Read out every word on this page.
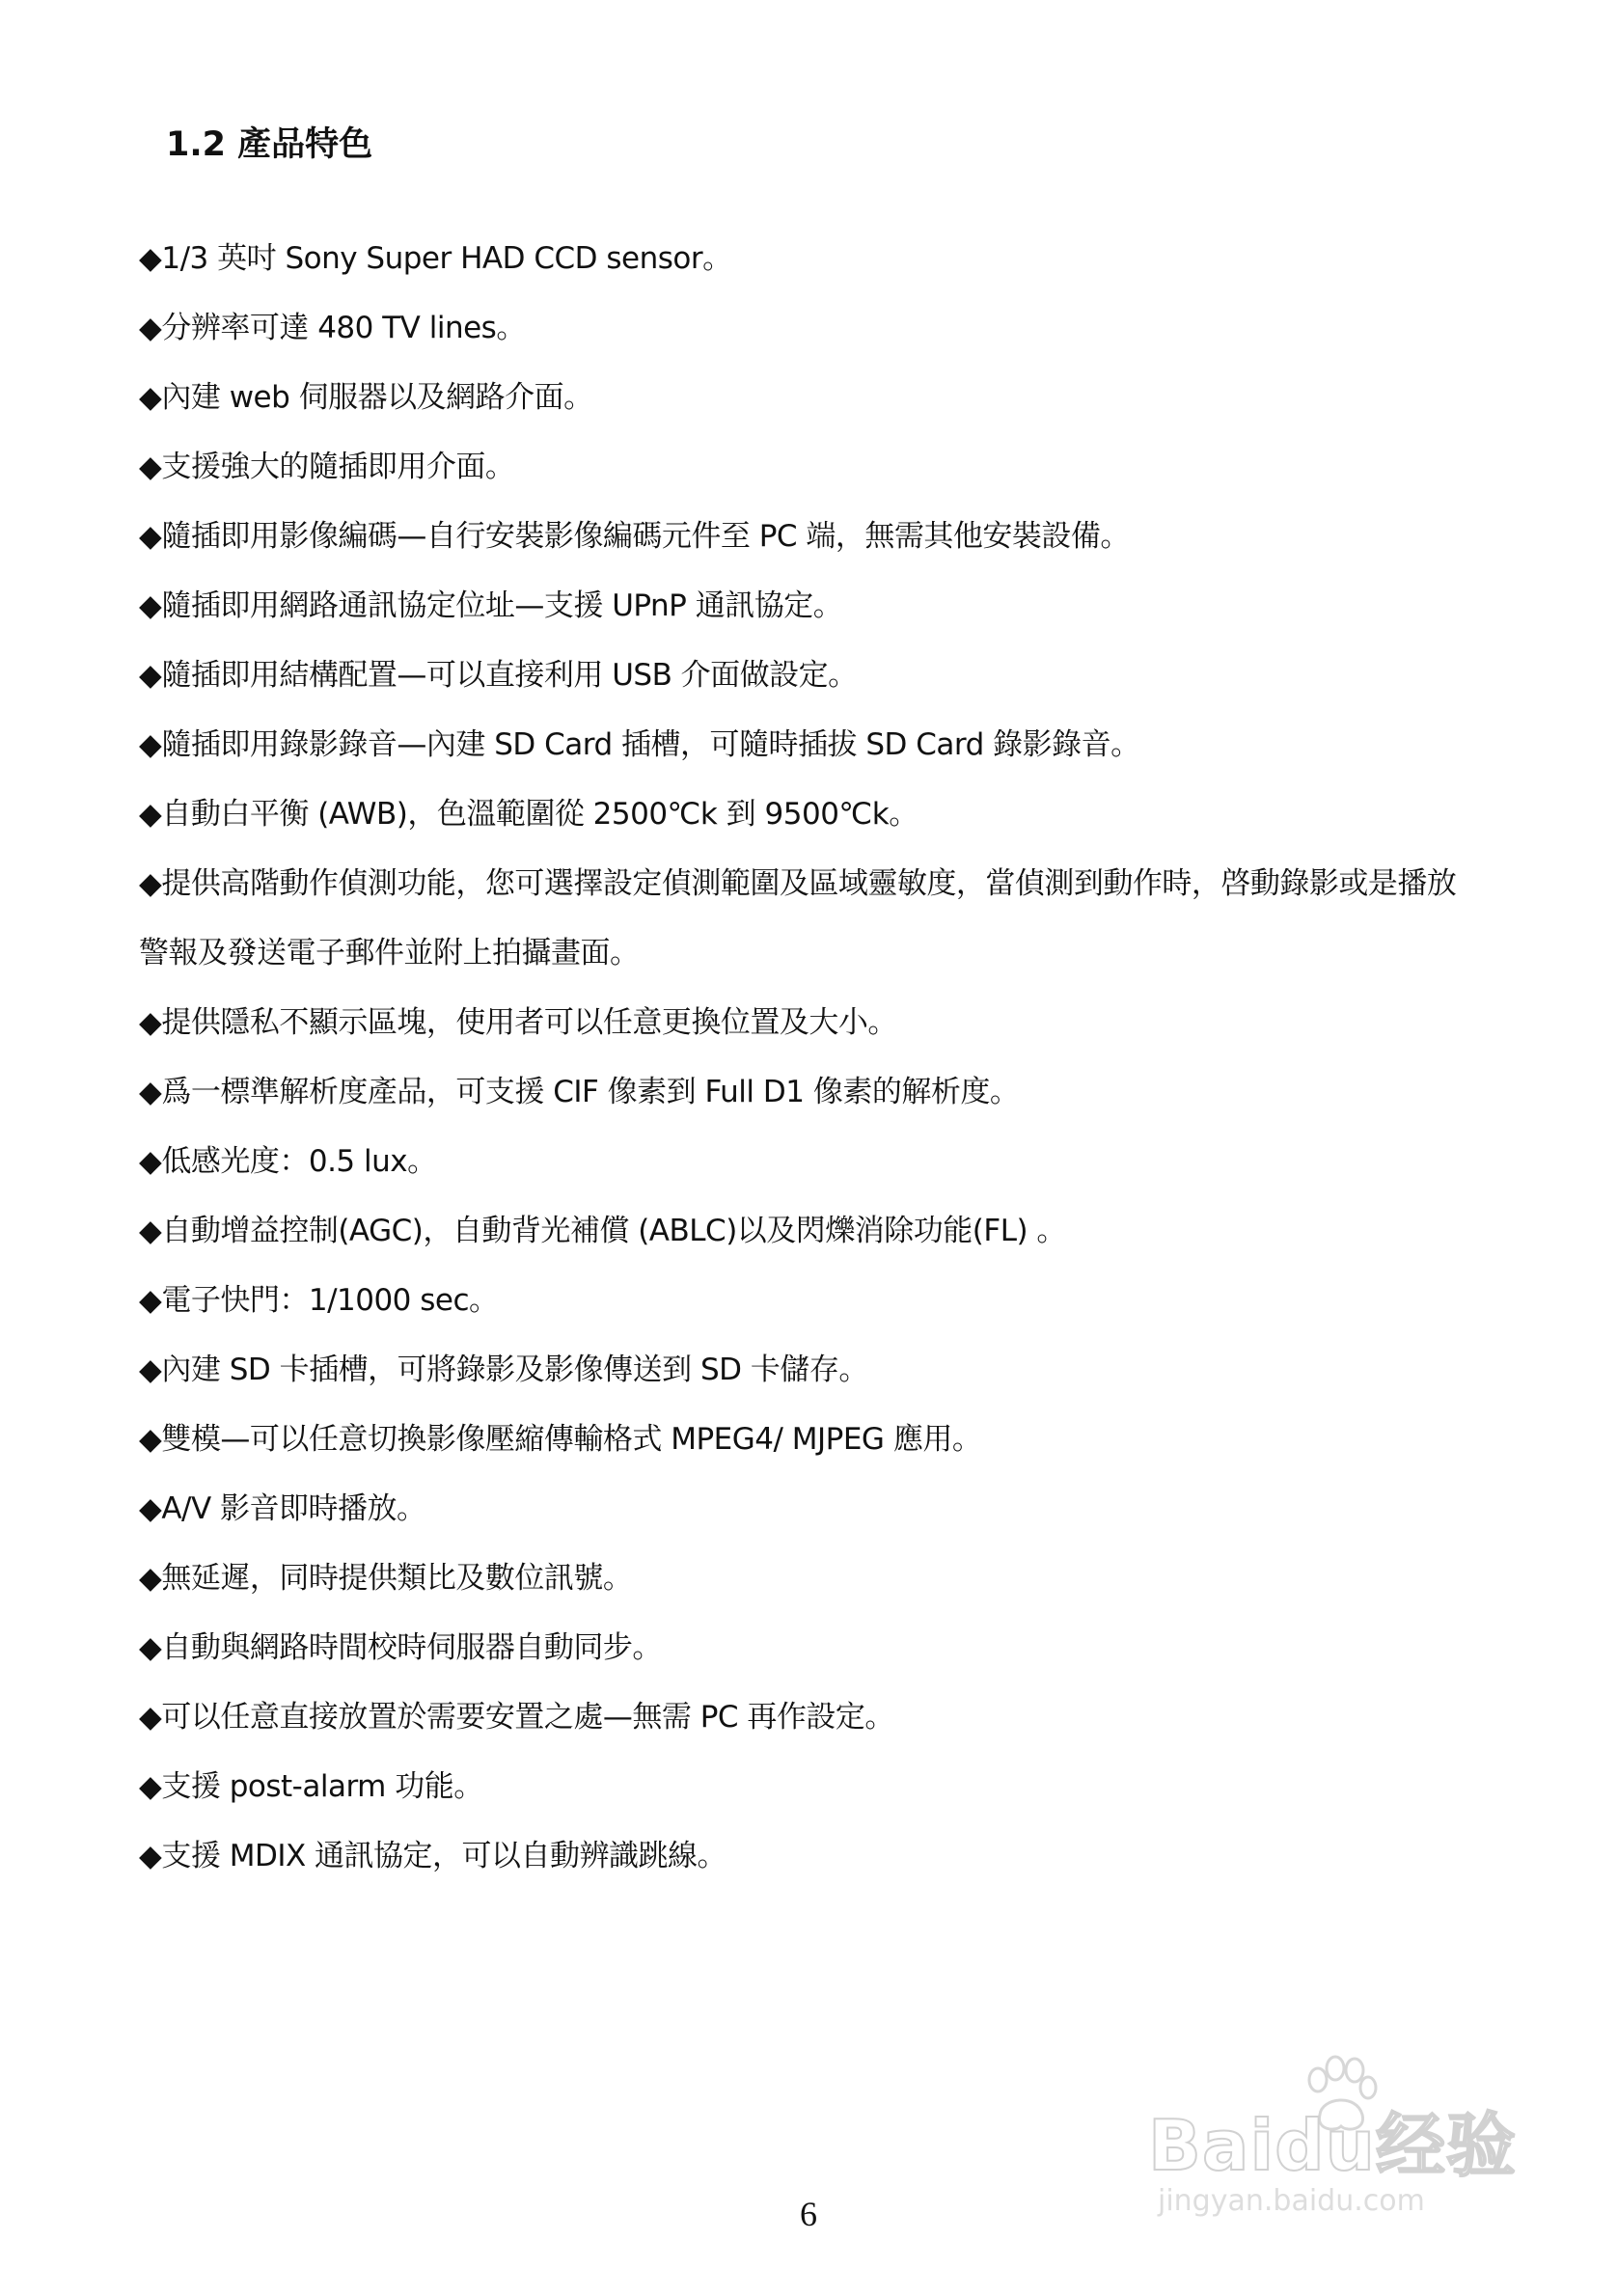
1.2 產品特色
◆1/3 英吋 Sony Super HAD CCD sensor。
◆分辨率可達 480 TV lines。
◆內建 web 伺服器以及網路介面。
◆支援強大的隨插即用介面。
◆隨插即用影像編碼—自行安裝影像編碼元件至 PC 端，無需其他安裝設備。
◆隨插即用網路通訊協定位址—支援 UPnP 通訊協定。
◆隨插即用結構配置—可以直接利用 USB 介面做設定。
◆隨插即用錄影錄音—內建 SD Card 插槽，可隨時插拔 SD Card 錄影錄音。
◆自動白平衡 (AWB)，色溫範圍從 2500℃k 到 9500℃k。
◆提供高階動作偵測功能，您可選擇設定偵測範圍及區域靈敏度，當偵測到動作時，啓動錄影或是播放警報及發送電子郵件並附上拍攝畫面。
◆提供隱私不顯示區塊，使用者可以任意更換位置及大小。
◆爲一標準解析度產品，可支援 CIF 像素到 Full D1 像素的解析度。
◆低感光度：0.5 lux。
◆自動增益控制(AGC)，自動背光補償 (ABLC)以及閃爍消除功能(FL) 。
◆電子快門：1/1000 sec。
◆內建 SD 卡插槽，可將錄影及影像傳送到 SD 卡儲存。
◆雙模—可以任意切換影像壓縮傳輸格式 MPEG4/ MJPEG 應用。
◆A/V 影音即時播放。
◆無延遲，同時提供類比及數位訊號。
◆自動與網路時間校時伺服器自動同步。
◆可以任意直接放置於需要安置之處—無需 PC 再作設定。
◆支援 post-alarm 功能。
◆支援 MDIX 通訊協定，可以自動辨識跳線。
6
Baidu经验
jingyan.baidu.com
